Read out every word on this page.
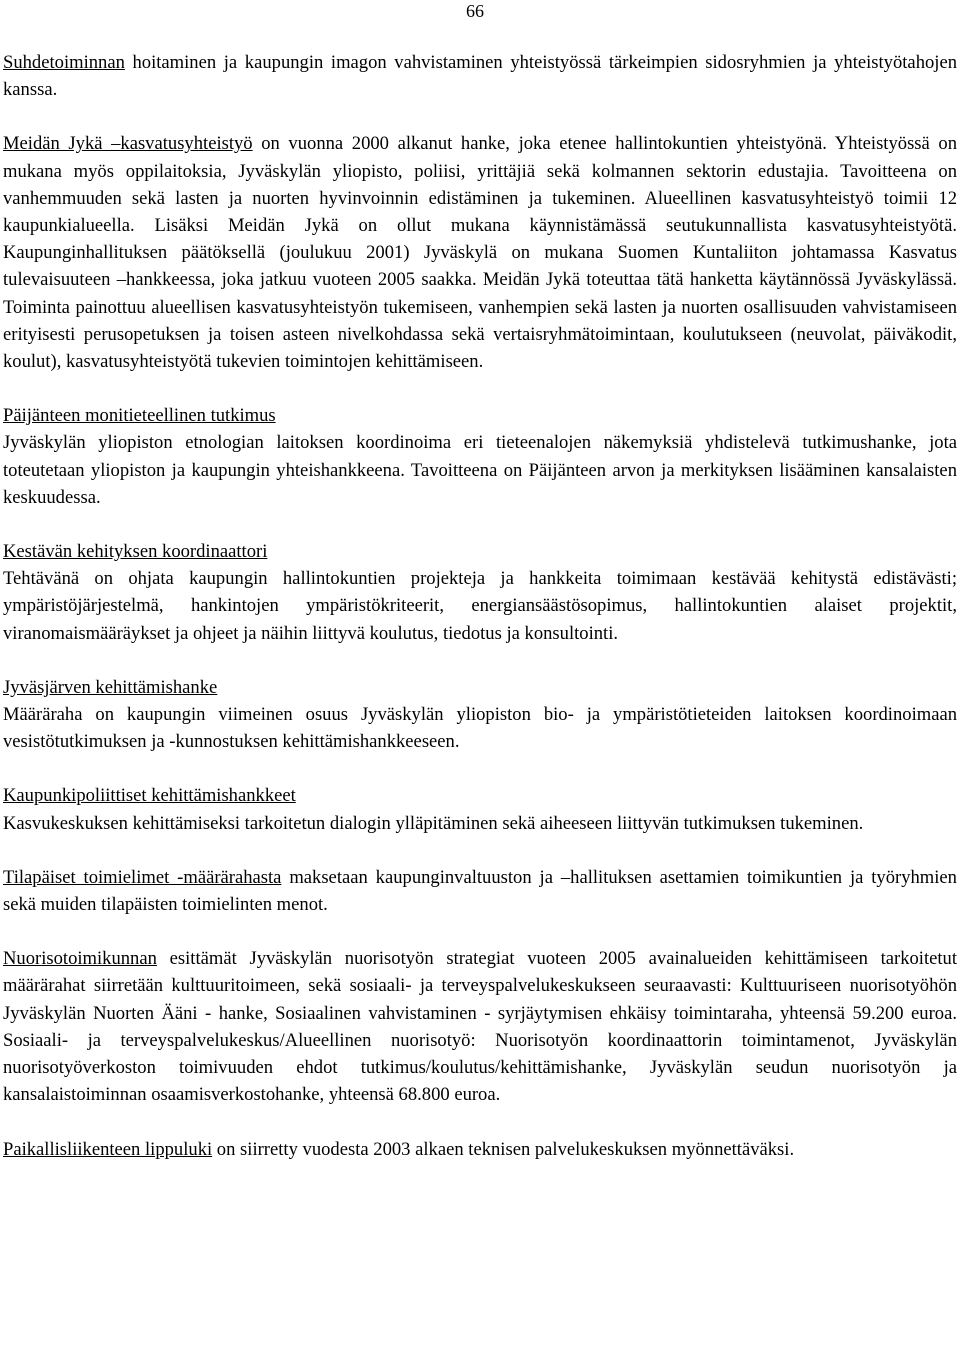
66

Suhdetoiminnan hoitaminen ja kaupungin imagon vahvistaminen yhteistyössä tärkeimpien sidosryhmien ja yhteistyötahojen kanssa.

Meidän Jykä –kasvatusyhteistyö on vuonna 2000 alkanut hanke, joka etenee hallintokuntien yhteistyönä. Yhteistyössä on mukana myös oppilaitoksia, Jyväskylän yliopisto, poliisi, yrittäjiä sekä kolmannen sektorin edustajia. Tavoitteena on vanhemmuuden sekä lasten ja nuorten hyvinvoinnin edistäminen ja tukeminen. Alueellinen kasvatusyhteistyö toimii 12 kaupunkialueella. Lisäksi Meidän Jykä on ollut mukana käynnistämässä seutukunnallista kasvatusyhteistyötä. Kaupunginhallituksen päätöksellä (joulukuu 2001) Jyväskylä on mukana Suomen Kuntaliiton johtamassa Kasvatus tulevaisuuteen –hankkeessa, joka jatkuu vuoteen 2005 saakka. Meidän Jykä toteuttaa tätä hanketta käytännössä Jyväskylässä. Toiminta painottuu alueellisen kasvatusyhteistyön tukemiseen, vanhempien sekä lasten ja nuorten osallisuuden vahvistamiseen erityisesti perusopetuksen ja toisen asteen nivelkohdassa sekä vertaisryhmätoimintaan, koulutukseen (neuvolat, päiväkodit, koulut), kasvatusyhteistyötä tukevien toimintojen kehittämiseen.

Päijänteen monitieteellinen tutkimus

Jyväskylän yliopiston etnologian laitoksen koordinoima eri tieteenalojen näkemyksiä yhdistelevä tutkimushanke, jota toteutetaan yliopiston ja kaupungin yhteishankkeena. Tavoitteena on Päijänteen arvon ja merkityksen lisääminen kansalaisten keskuudessa.

Kestävän kehityksen koordinaattori

Tehtävänä on ohjata kaupungin hallintokuntien projekteja ja hankkeita toimimaan kestävää kehitystä edistävästi; ympäristöjärjestelmä, hankintojen ympäristökriteerit, energiansäästösopimus, hallintokuntien alaiset projektit, viranomaismääräykset ja ohjeet ja näihin liittyvä koulutus, tiedotus ja konsultointi.

Jyväsjärven kehittämishanke

Määräraha on kaupungin viimeinen osuus Jyväskylän yliopiston bio- ja ympäristötieteiden laitoksen koordinoimaan vesistötutkimuksen ja -kunnostuksen kehittämishankkeeseen.

Kaupunkipoliittiset kehittämishankkeet

Kasvukeskuksen kehittämiseksi tarkoitetun dialogin ylläpitäminen sekä aiheeseen liittyvän tutkimuksen tukeminen.

Tilapäiset toimielimet -määrärahasta maksetaan kaupunginvaltuuston ja –hallituksen asettamien toimikuntien ja työryhmien sekä muiden tilapäisten toimielinten menot.

Nuorisotoimikunnan esittämät Jyväskylän nuorisotyön strategiat vuoteen 2005 avainalueiden kehittämiseen tarkoitetut määrärahat siirretään kulttuuritoimeen, sekä sosiaali- ja terveyspalvelukeskukseen seuraavasti: Kulttuuriseen nuorisotyöhön Jyväskylän Nuorten Ääni - hanke, Sosiaalinen vahvistaminen - syrjäytymisen ehkäisy toimintaraha, yhteensä 59.200 euroa. Sosiaali- ja terveyspalvelukeskus/Alueellinen nuorisotyö: Nuorisotyön koordinaattorin toimintamenot, Jyväskylän nuorisotyöverkoston toimivuuden ehdot tutkimus/koulutus/kehittämishanke, Jyväskylän seudun nuorisotyön ja kansalaistoiminnan osaamisverkostohanke, yhteensä 68.800 euroa.

Paikallisliikenteen lippuluki on siirretty vuodesta 2003 alkaen teknisen palvelukeskuksen myönnettäväksi.
